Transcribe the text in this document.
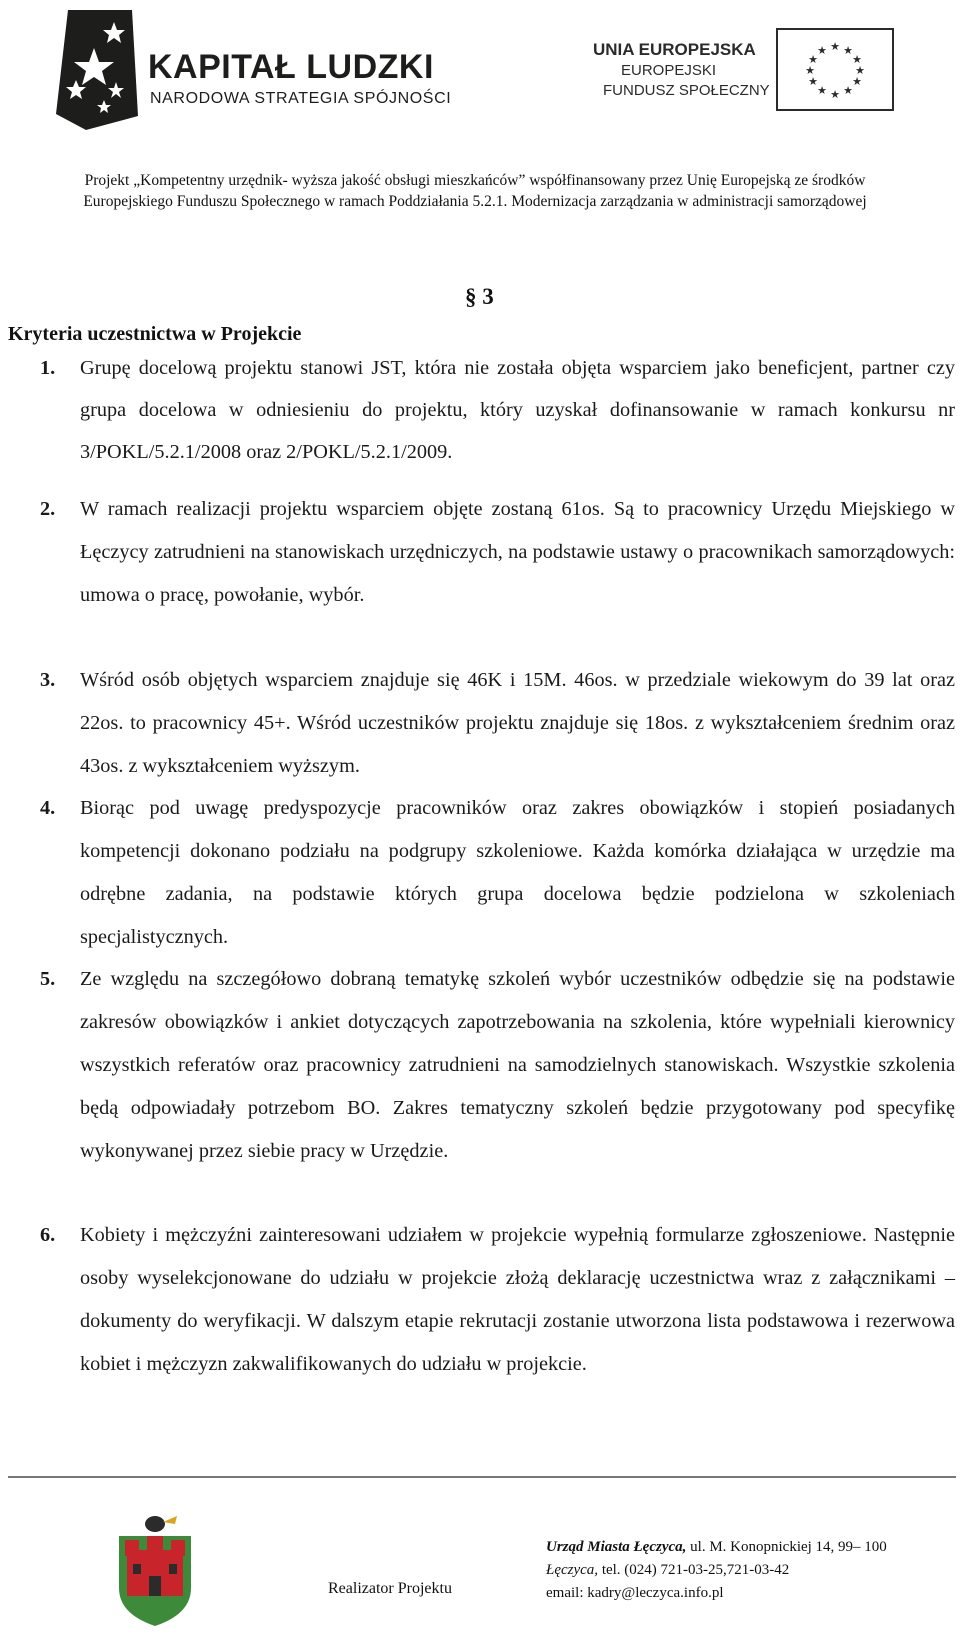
KAPITAŁ LUDZKI
NARODOWA STRATEGIA SPÓJNOŚCI
UNIA EUROPEJSKA
EUROPEJSKI
FUNDUSZ SPOŁECZNY
★ ★
★
★
★
★
★
★
★
★
★
★
Projekt „Kompetentny urzędnik- wyższa jakość obsługi mieszkańców” współfinansowany przez Unię Europejską ze środków
Europejskiego Funduszu Społecznego w ramach Poddziałania 5.2.1. Modernizacja zarządzania w administracji samorządowej
§ 3
Kryteria uczestnictwa w Projekcie
1. Grupę docelową projektu stanowi JST, która nie została objęta wsparciem jako beneficjent, partner czy grupa docelowa w odniesieniu do projektu, który uzyskał dofinansowanie w ramach konkursu nr 3/POKL/5.2.1/2008 oraz 2/POKL/5.2.1/2009.
2. W ramach realizacji projektu wsparciem objęte zostaną 61os. Są to pracownicy Urzędu Miejskiego w Łęczycy zatrudnieni na stanowiskach urzędniczych, na podstawie ustawy o pracownikach samorządowych: umowa o pracę, powołanie, wybór.
3. Wśród osób objętych wsparciem znajduje się 46K i 15M. 46os. w przedziale wiekowym do 39 lat oraz 22os. to pracownicy 45+. Wśród uczestników projektu znajduje się 18os. z wykształceniem średnim oraz 43os. z wykształceniem wyższym.
4. Biorąc pod uwagę predyspozycje pracowników oraz zakres obowiązków i stopień posiadanych kompetencji dokonano podziału na podgrupy szkoleniowe. Każda komórka działająca w urzędzie ma odrębne zadania, na podstawie których grupa docelowa będzie podzielona w szkoleniach specjalistycznych.
5. Ze względu na szczegółowo dobraną tematykę szkoleń wybór uczestników odbędzie się na podstawie zakresów obowiązków i ankiet dotyczących zapotrzebowania na szkolenia, które wypełniali kierownicy wszystkich referatów oraz pracownicy zatrudnieni na samodzielnych stanowiskach. Wszystkie szkolenia będą odpowiadały potrzebom BO. Zakres tematyczny szkoleń będzie przygotowany pod specyfikę wykonywanej przez siebie pracy w Urzędzie.
6. Kobiety i mężczyźni zainteresowani udziałem w projekcie wypełnią formularze zgłoszeniowe. Następnie osoby wyselekcjonowane do udziału w projekcie złożą deklarację uczestnictwa wraz z załącznikami – dokumenty do weryfikacji. W dalszym etapie rekrutacji zostanie utworzona lista podstawowa i rezerwowa kobiet i mężczyzn zakwalifikowanych do udziału w projekcie.
Realizator Projektu
Urząd Miasta Łęczyca, ul. M. Konopnickiej 14, 99– 100
Łęczyca, tel. (024) 721-03-25,721-03-42
email: kadry@leczyca.info.pl
